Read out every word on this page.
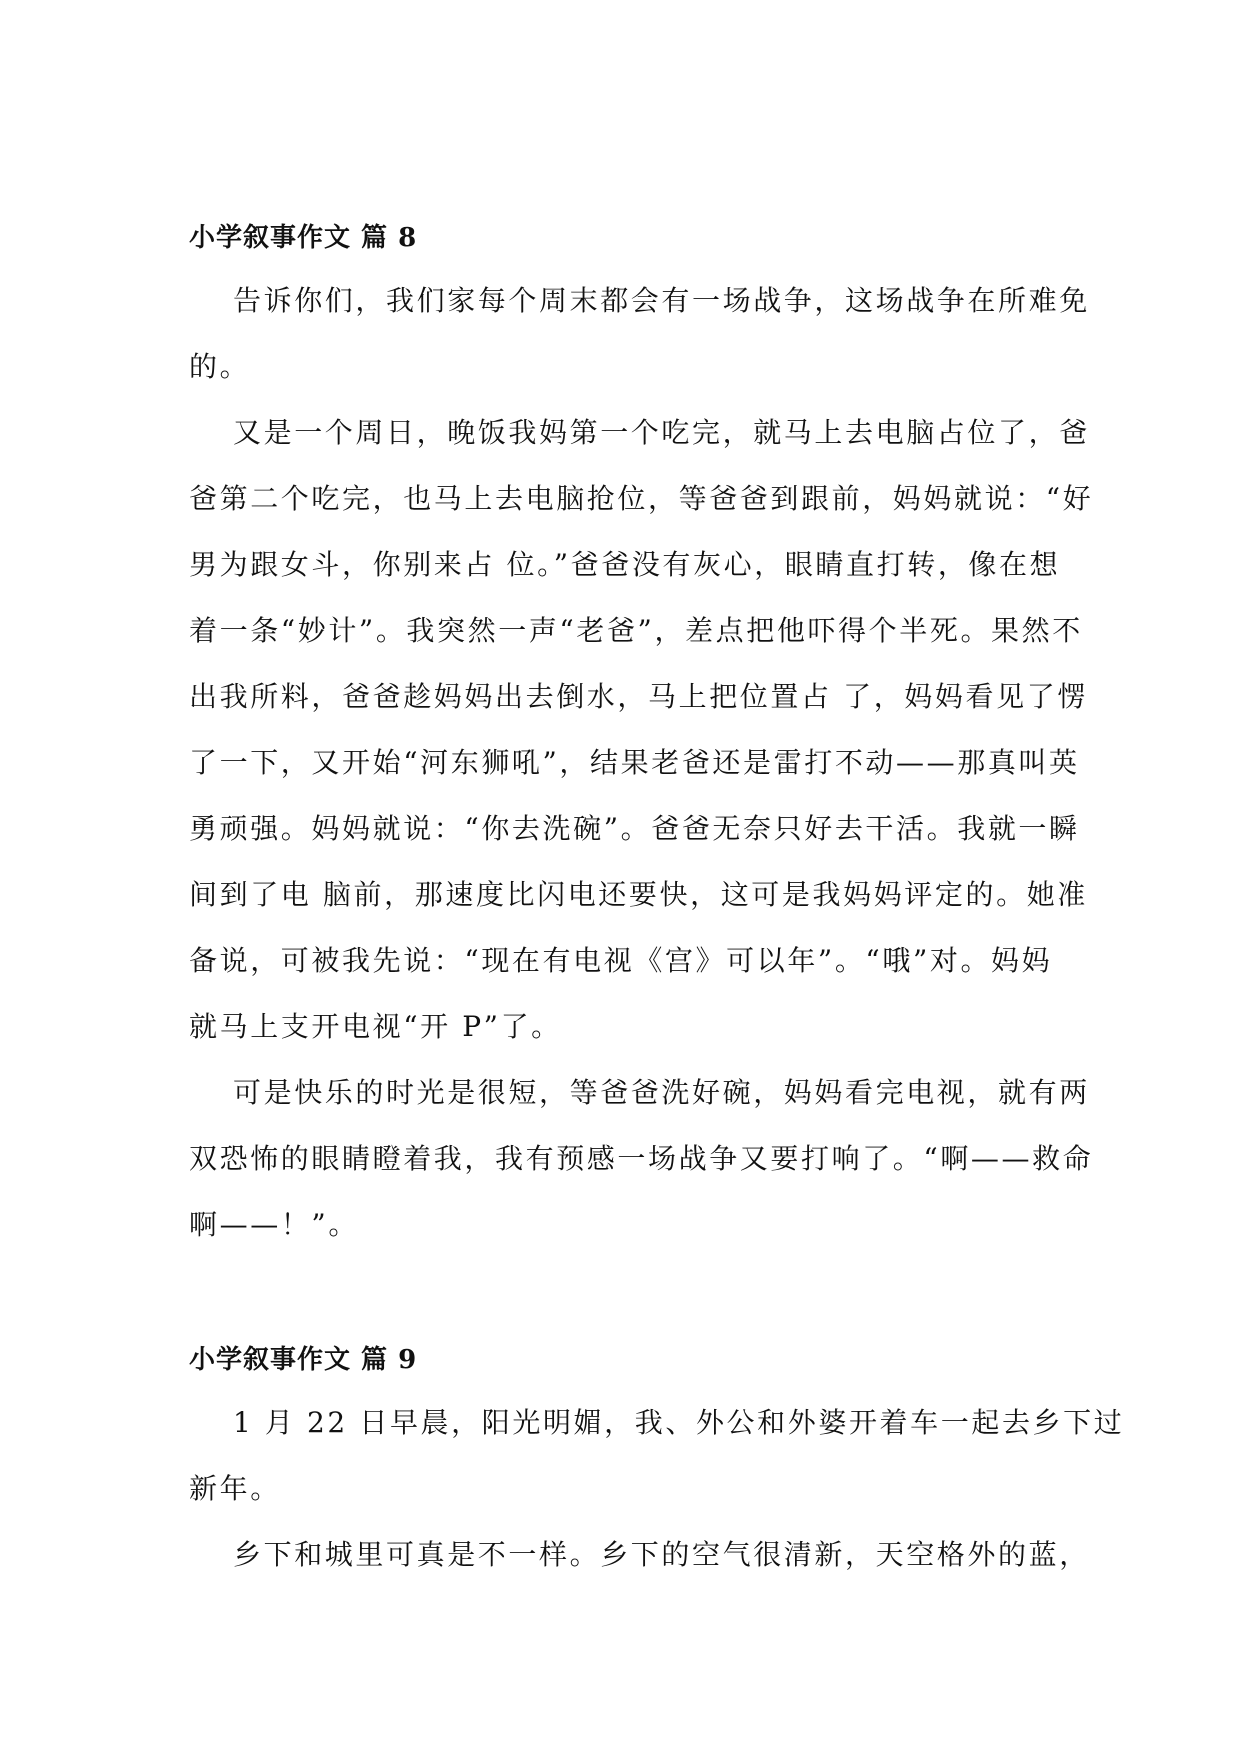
小学叙事作文 篇 8

告诉你们，我们家每个周末都会有一场战争，这场战争在所难免
的。

又是一个周日，晚饭我妈第一个吃完，就马上去电脑占位了，爸
爸第二个吃完，也马上去电脑抢位，等爸爸到跟前，妈妈就说：“好
男为跟女斗，你别来占 位。”爸爸没有灰心，眼睛直打转，像在想
着一条“妙计”。我突然一声“老爸”，差点把他吓得个半死。果然不
出我所料，爸爸趁妈妈出去倒水，马上把位置占 了，妈妈看见了愣
了一下，又开始“河东狮吼”，结果老爸还是雷打不动——那真叫英
勇顽强。妈妈就说：“你去洗碗”。爸爸无奈只好去干活。我就一瞬
间到了电 脑前，那速度比闪电还要快，这可是我妈妈评定的。她准
备说，可被我先说：“现在有电视《宫》可以年”。“哦”对。妈妈
就马上支开电视“开 P”了。

可是快乐的时光是很短，等爸爸洗好碗，妈妈看完电视，就有两
双恐怖的眼睛瞪着我，我有预感一场战争又要打响了。“啊——救命
啊——！”。

小学叙事作文 篇 9

1 月 22 日早晨，阳光明媚，我、外公和外婆开着车一起去乡下过
新年。

乡下和城里可真是不一样。乡下的空气很清新，天空格外的蓝，
